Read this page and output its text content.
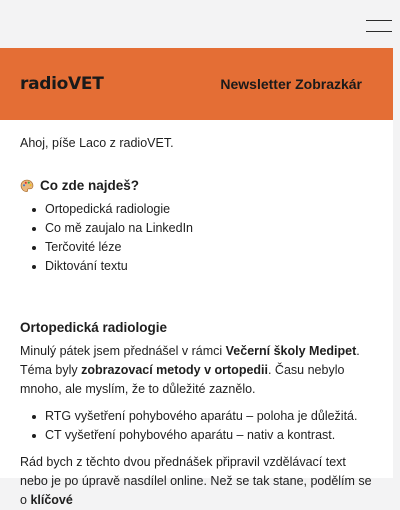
radioVET	Newsletter Zobrazkár

Ahoj, píše Laco z radioVET.

Co zde najdeš?
Ortopedická radiologie
Co mě zaujalo na LinkedIn
Terčovité léze
Diktování textu
Ortopedická radiologie

Minulý pátek jsem přednášel v rámci Večerní školy Medipet. Téma byly zobrazovací metody v ortopedii. Času nebylo mnoho, ale myslím, že to důležité zaznělo.

RTG vyšetření pohybového aparátu – poloha je důležitá.
CT vyšetření pohybového aparátu – nativ a kontrast.

Rád bych z těchto dvou přednášek připravil vzdělávací text nebo je po úpravě nasdílel online. Než se tak stane, podělím se o klíčové
